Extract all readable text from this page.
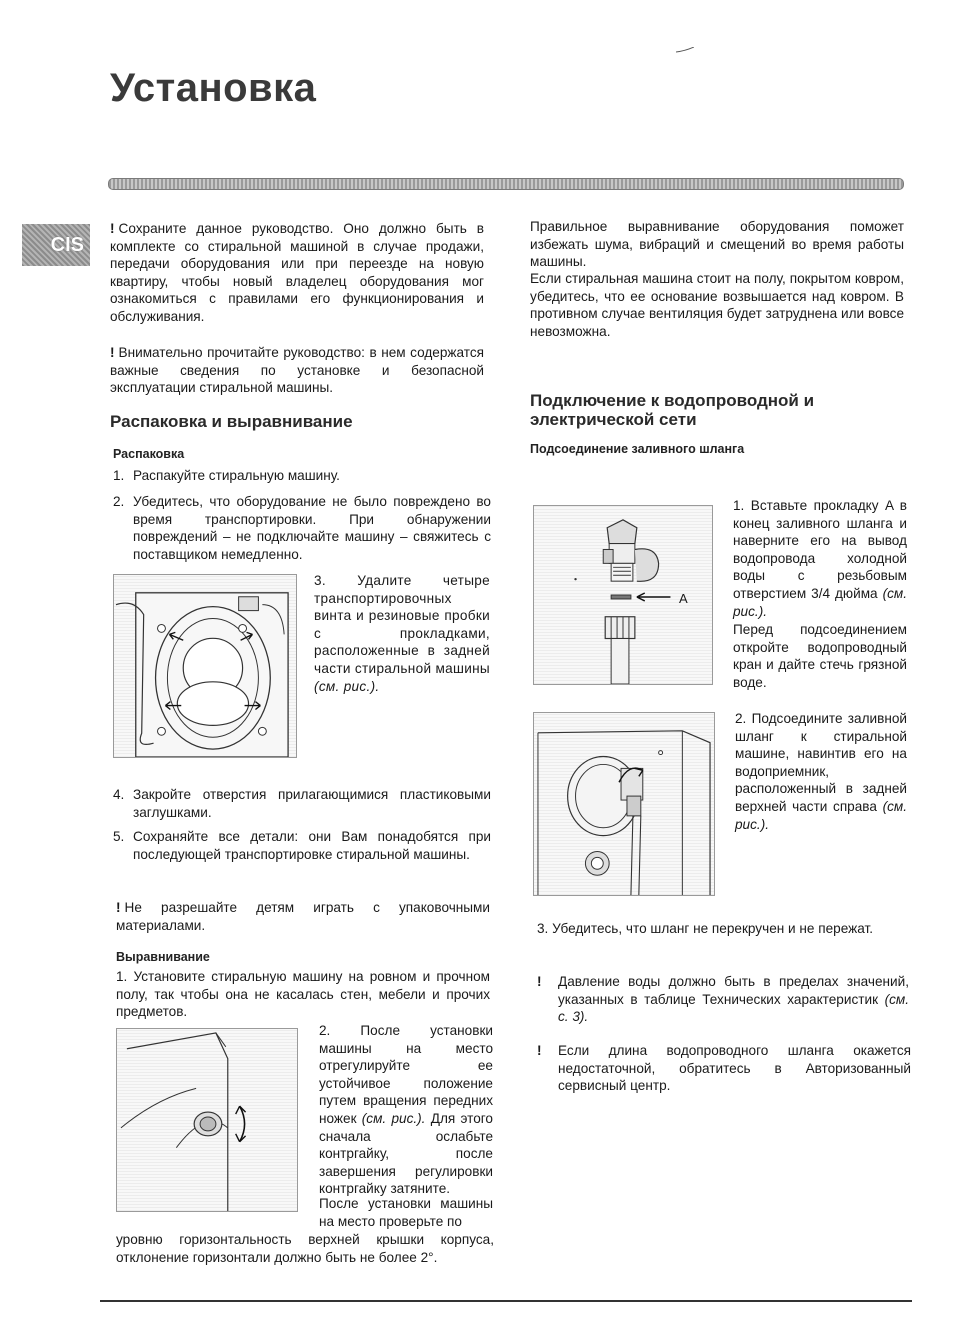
Установка
CIS

! Сохраните данное руководство. Оно должно быть в комплекте со стиральной машиной в случае продажи, передачи оборудования или при переезде на новую квартиру, чтобы новый владелец оборудования мог ознакомиться с правилами его функционирования и обслуживания.

! Внимательно прочитайте руководство: в нем содержатся важные сведения по установке и безопасной эксплуатации стиральной машины.

Распаковка и выравнивание
Распаковка
1. Распакуйте стиральную машину.
2. Убедитесь, что оборудование не было повреждено во время транспортировки. При обнаружении повреждений – не подключайте машину – свяжитесь с поставщиком немедленно.

3. Удалите четыре транспортировочных винта и резиновые пробки с прокладками, расположенные в задней части стиральной машины (см. рис.).

4. Закройте отверстия прилагающимися пластиковыми заглушками.
5. Сохраняйте все детали: они Вам понадобятся при последующей транспортировке стиральной машины.

! Не разрешайте детям играть с упаковочными материалами.

Выравнивание

1. Установите стиральную машину на ровном и прочном полу, так чтобы она не касалась стен, мебели и прочих предметов.

2. После установки машины на место отрегулируйте ее устойчивое положение путем вращения передних ножек (см. рис.). Для этого сначала ослабьте контргайку, после завершения регулировки контргайку затяните.

После установки машины на место проверьте по

уровню горизонтальность верхней крышки корпуса, отклонение горизонтали должно быть не более 2°.

Правильное выравнивание оборудования поможет избежать шума, вибраций и смещений во время работы машины.

Если стиральная машина стоит на полу, покрытом ковром, убедитесь, что ее основание возвышается над ковром. В противном случае вентиляция будет затруднена или вовсе невозможна.

Подключение к водопроводной и электрической сети
Подсоединение заливного шланга
A

1. Вставьте прокладку A в конец заливного шланга и наверните его на вывод водопровода холодной воды с резьбовым отверстием 3/4 дюйма (см. рис.).

Перед подсоединением откройте водопроводный кран и дайте стечь грязной воде.

2. Подсоедините заливной шланг к стиральной машине, навинтив его на водоприемник, расположенный в задней верхней части справа (см. рис.).

3. Убедитесь, что шланг не перекручен и не пережат.

!	Давление воды должно быть в пределах значений, указанных в таблице Технических характеристик (см. с. 3).

!	Если длина водопроводного шланга окажется недостаточной, обратитесь в Авторизованный сервисный центр.
